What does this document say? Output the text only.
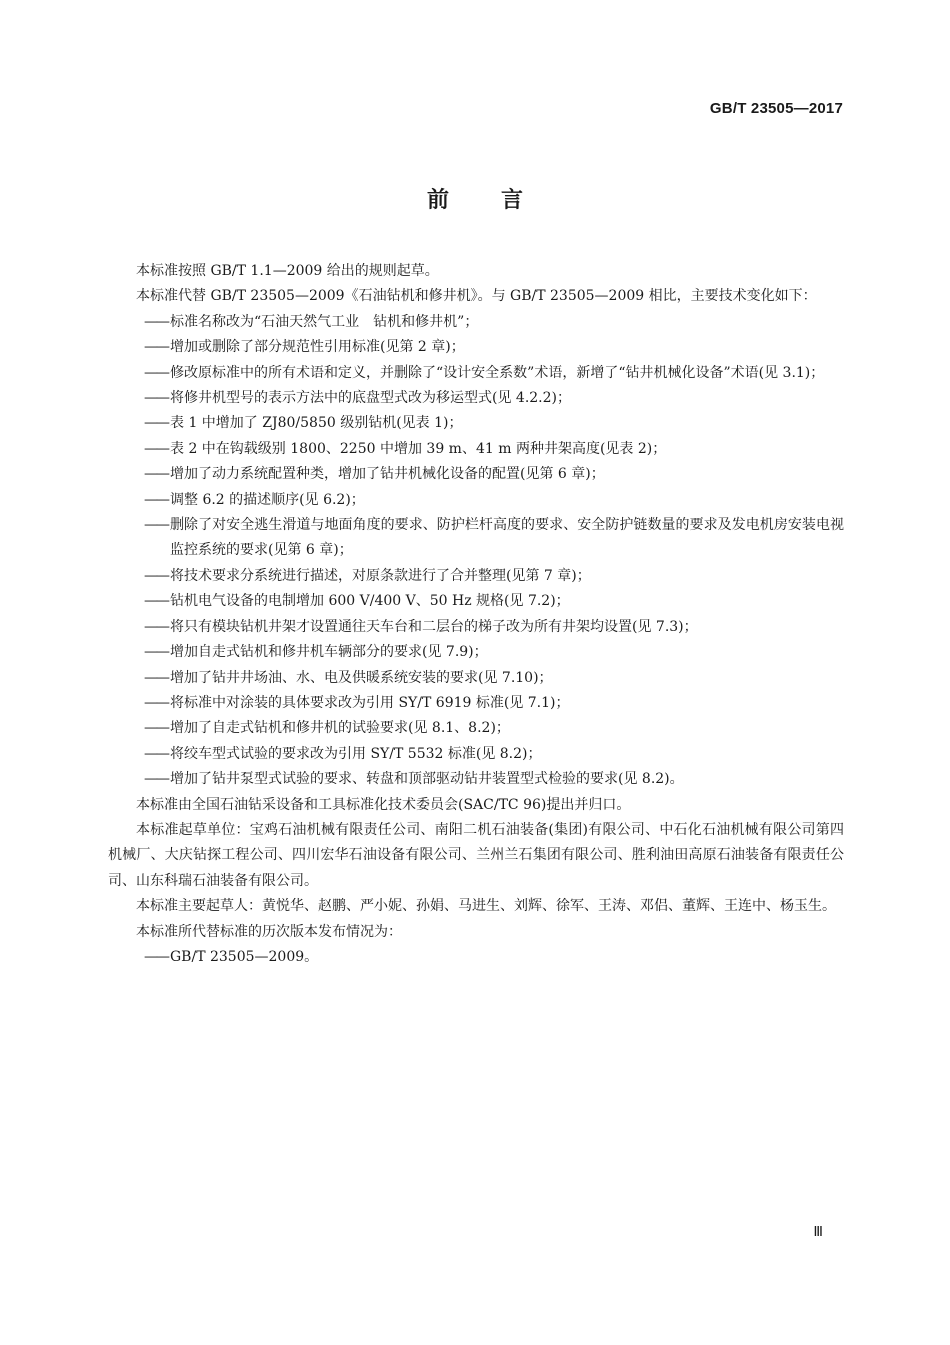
GB/T 23505—2017
前言

本标准按照 GB/T 1.1—2009 给出的规则起草。

本标准代替 GB/T 23505—2009《石油钻机和修井机》。与 GB/T 23505—2009 相比，主要技术变化如下：

—— 标准名称改为“石油天然气工业　钻机和修井机”；

—— 增加或删除了部分规范性引用标准(见第 2 章)；

—— 修改原标准中的所有术语和定义，并删除了“设计安全系数”术语，新增了“钻井机械化设备”术语(见 3.1)；

—— 将修井机型号的表示方法中的底盘型式改为移运型式(见 4.2.2)；

—— 表 1 中增加了 ZJ80/5850 级别钻机(见表 1)；

—— 表 2 中在钩载级别 1800、2250 中增加 39 m、41 m 两种井架高度(见表 2)；

—— 增加了动力系统配置种类，增加了钻井机械化设备的配置(见第 6 章)；

—— 调整 6.2 的描述顺序(见 6.2)；

—— 删除了对安全逃生滑道与地面角度的要求、防护栏杆高度的要求、安全防护链数量的要求及发电机房安装电视监控系统的要求(见第 6 章)；

—— 将技术要求分系统进行描述，对原条款进行了合并整理(见第 7 章)；

—— 钻机电气设备的电制增加 600 V/400 V、50 Hz 规格(见 7.2)；

—— 将只有模块钻机井架才设置通往天车台和二层台的梯子改为所有井架均设置(见 7.3)；

—— 增加自走式钻机和修井机车辆部分的要求(见 7.9)；

—— 增加了钻井井场油、水、电及供暖系统安装的要求(见 7.10)；

—— 将标准中对涂装的具体要求改为引用 SY/T 6919 标准(见 7.1)；

—— 增加了自走式钻机和修井机的试验要求(见 8.1、8.2)；

—— 将绞车型式试验的要求改为引用 SY/T 5532 标准(见 8.2)；

—— 增加了钻井泵型式试验的要求、转盘和顶部驱动钻井装置型式检验的要求(见 8.2)。

本标准由全国石油钻采设备和工具标准化技术委员会(SAC/TC 96)提出并归口。

本标准起草单位：宝鸡石油机械有限责任公司、南阳二机石油装备(集团)有限公司、中石化石油机械有限公司第四机械厂、大庆钻探工程公司、四川宏华石油设备有限公司、兰州兰石集团有限公司、胜利油田高原石油装备有限责任公司、山东科瑞石油装备有限公司。

本标准主要起草人：黄悦华、赵鹏、严小妮、孙娟、马进生、刘辉、徐军、王涛、邓侣、董辉、王连中、杨玉生。

本标准所代替标准的历次版本发布情况为：

—— GB/T 23505—2009。

Ⅲ
